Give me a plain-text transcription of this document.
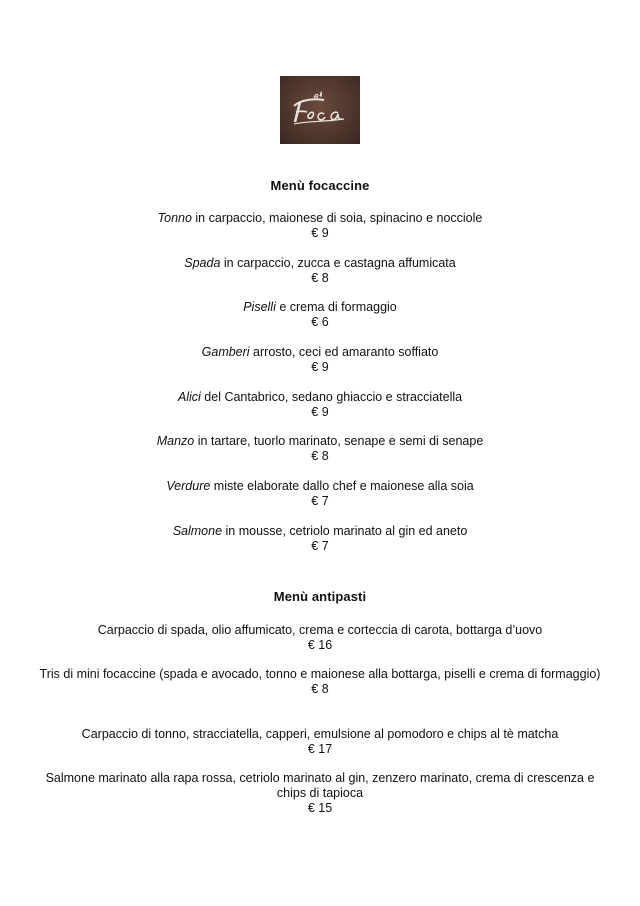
Menù focaccine
Tonno in carpaccio, maionese di soia, spinacino e nocciole
€ 9
Spada in carpaccio, zucca e castagna affumicata
€ 8
Piselli e crema di formaggio
€ 6
Gamberi arrosto, ceci ed amaranto soffiato
€ 9
Alici del Cantabrico, sedano ghiaccio e stracciatella
€ 9
Manzo in tartare, tuorlo marinato, senape e semi di senape
€ 8
Verdure miste elaborate dallo chef e maionese alla soia
€ 7
Salmone in mousse, cetriolo marinato al gin ed aneto
€ 7
Menù antipasti
Carpaccio di spada, olio affumicato, crema e corteccia di carota, bottarga d’uovo
€ 16
Tris di mini focaccine (spada e avocado, tonno e maionese alla bottarga, piselli e crema di formaggio)
€ 8
Carpaccio di tonno, stracciatella, capperi, emulsione al pomodoro e chips al tè matcha
€ 17
Salmone marinato alla rapa rossa, cetriolo marinato al gin, zenzero marinato, crema di crescenza e chips di tapioca
€ 15
